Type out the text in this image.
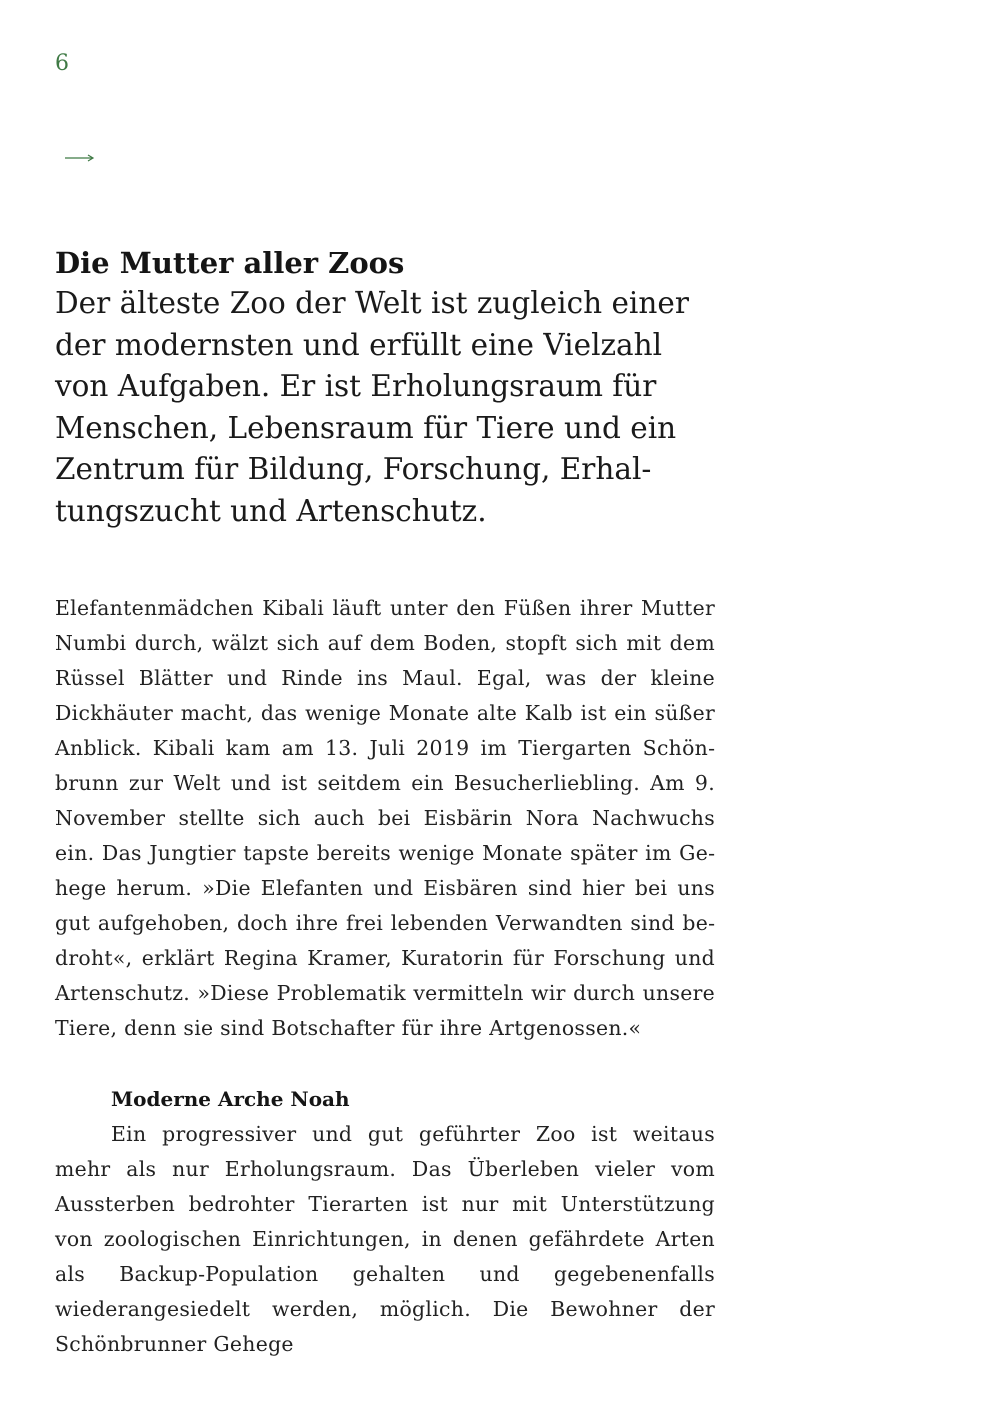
6
Die Mutter aller Zoos

Der älteste Zoo der Welt ist zugleich einer der modernsten und erfüllt eine Vielzahl von Aufgaben. Er ist Erholungsraum für Menschen, Lebensraum für Tiere und ein Zentrum für Bildung, Forschung, Erhaltungszucht und Artenschutz.

Elefantenmädchen Kibali läuft unter den Füßen ihrer Mutter Numbi durch, wälzt sich auf dem Boden, stopft sich mit dem Rüssel Blätter und Rinde ins Maul. Egal, was der kleine Dickhäuter macht, das wenige Monate alte Kalb ist ein süßer Anblick. Kibali kam am 13. Juli 2019 im Tiergarten Schönbrunn zur Welt und ist seitdem ein Besucherliebling. Am 9. November stellte sich auch bei Eisbärin Nora Nachwuchs ein. Das Jungtier tapste bereits wenige Monate später im Gehege herum. »Die Elefanten und Eisbären sind hier bei uns gut aufgehoben, doch ihre frei lebenden Verwandten sind bedroht«, erklärt Regina Kramer, Kuratorin für Forschung und Artenschutz. »Diese Problematik vermitteln wir durch unsere Tiere, denn sie sind Botschafter für ihre Artgenossen.«

Moderne Arche Noah

Ein progressiver und gut geführter Zoo ist weitaus mehr als nur Erholungsraum. Das Überleben vieler vom Aussterben bedrohter Tierarten ist nur mit Unterstützung von zoologischen Einrichtungen, in denen gefährdete Arten als Backup-Population gehalten und gegebenenfalls wiederangesiedelt werden, möglich. Die Bewohner der Schönbrunner Gehege
